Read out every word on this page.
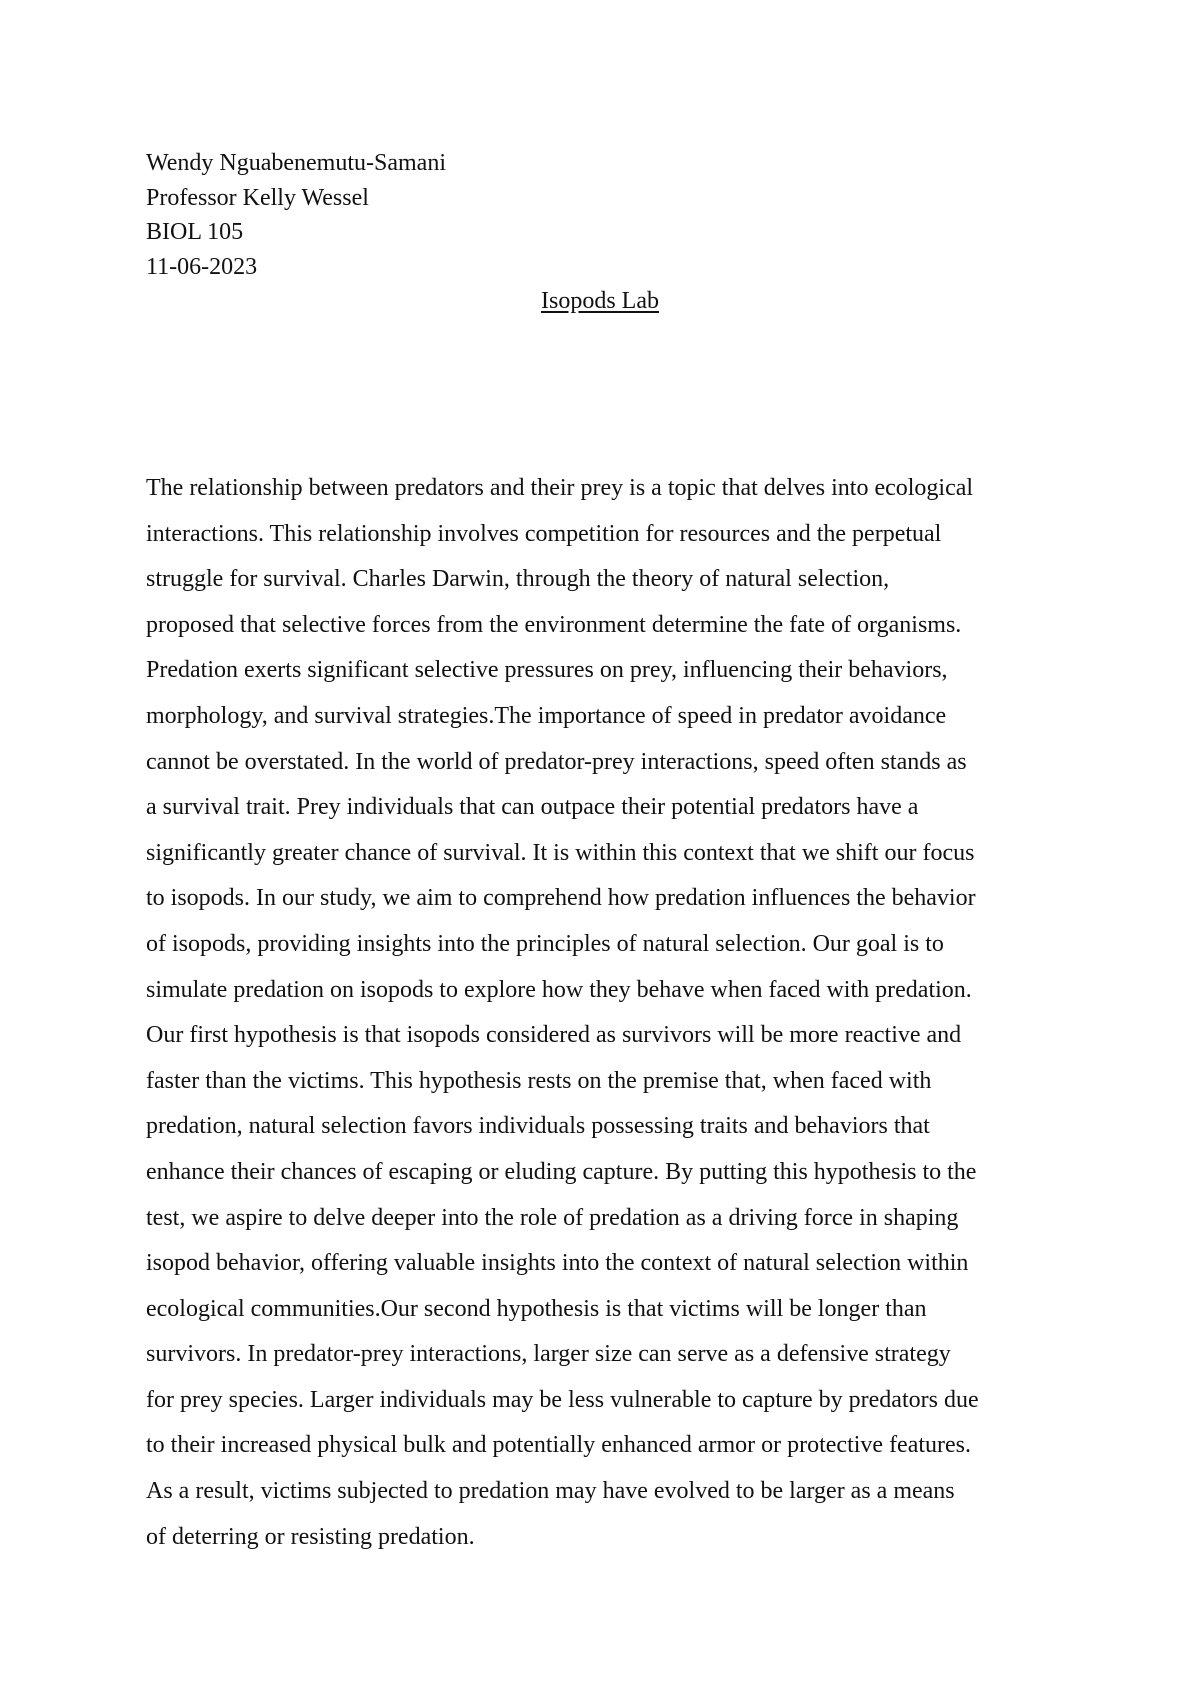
Wendy Nguabenemutu-Samani
Professor Kelly Wessel
BIOL 105
11-06-2023
Isopods Lab

The relationship between predators and their prey is a topic that delves into ecological
interactions. This relationship involves competition for resources and the perpetual
struggle for survival. Charles Darwin, through the theory of natural selection,
proposed that selective forces from the environment determine the fate of organisms.
Predation exerts significant selective pressures on prey, influencing their behaviors,
morphology, and survival strategies.The importance of speed in predator avoidance
cannot be overstated. In the world of predator-prey interactions, speed often stands as
a survival trait. Prey individuals that can outpace their potential predators have a
significantly greater chance of survival. It is within this context that we shift our focus
to isopods. In our study, we aim to comprehend how predation influences the behavior
of isopods, providing insights into the principles of natural selection. Our goal is to
simulate predation on isopods to explore how they behave when faced with predation.
Our first hypothesis is that isopods considered as survivors will be more reactive and
faster than the victims. This hypothesis rests on the premise that, when faced with
predation, natural selection favors individuals possessing traits and behaviors that
enhance their chances of escaping or eluding capture. By putting this hypothesis to the
test, we aspire to delve deeper into the role of predation as a driving force in shaping
isopod behavior, offering valuable insights into the context of natural selection within
ecological communities.Our second hypothesis is that victims will be longer than
survivors. In predator-prey interactions, larger size can serve as a defensive strategy
for prey species. Larger individuals may be less vulnerable to capture by predators due
to their increased physical bulk and potentially enhanced armor or protective features.
As a result, victims subjected to predation may have evolved to be larger as a means
of deterring or resisting predation.
